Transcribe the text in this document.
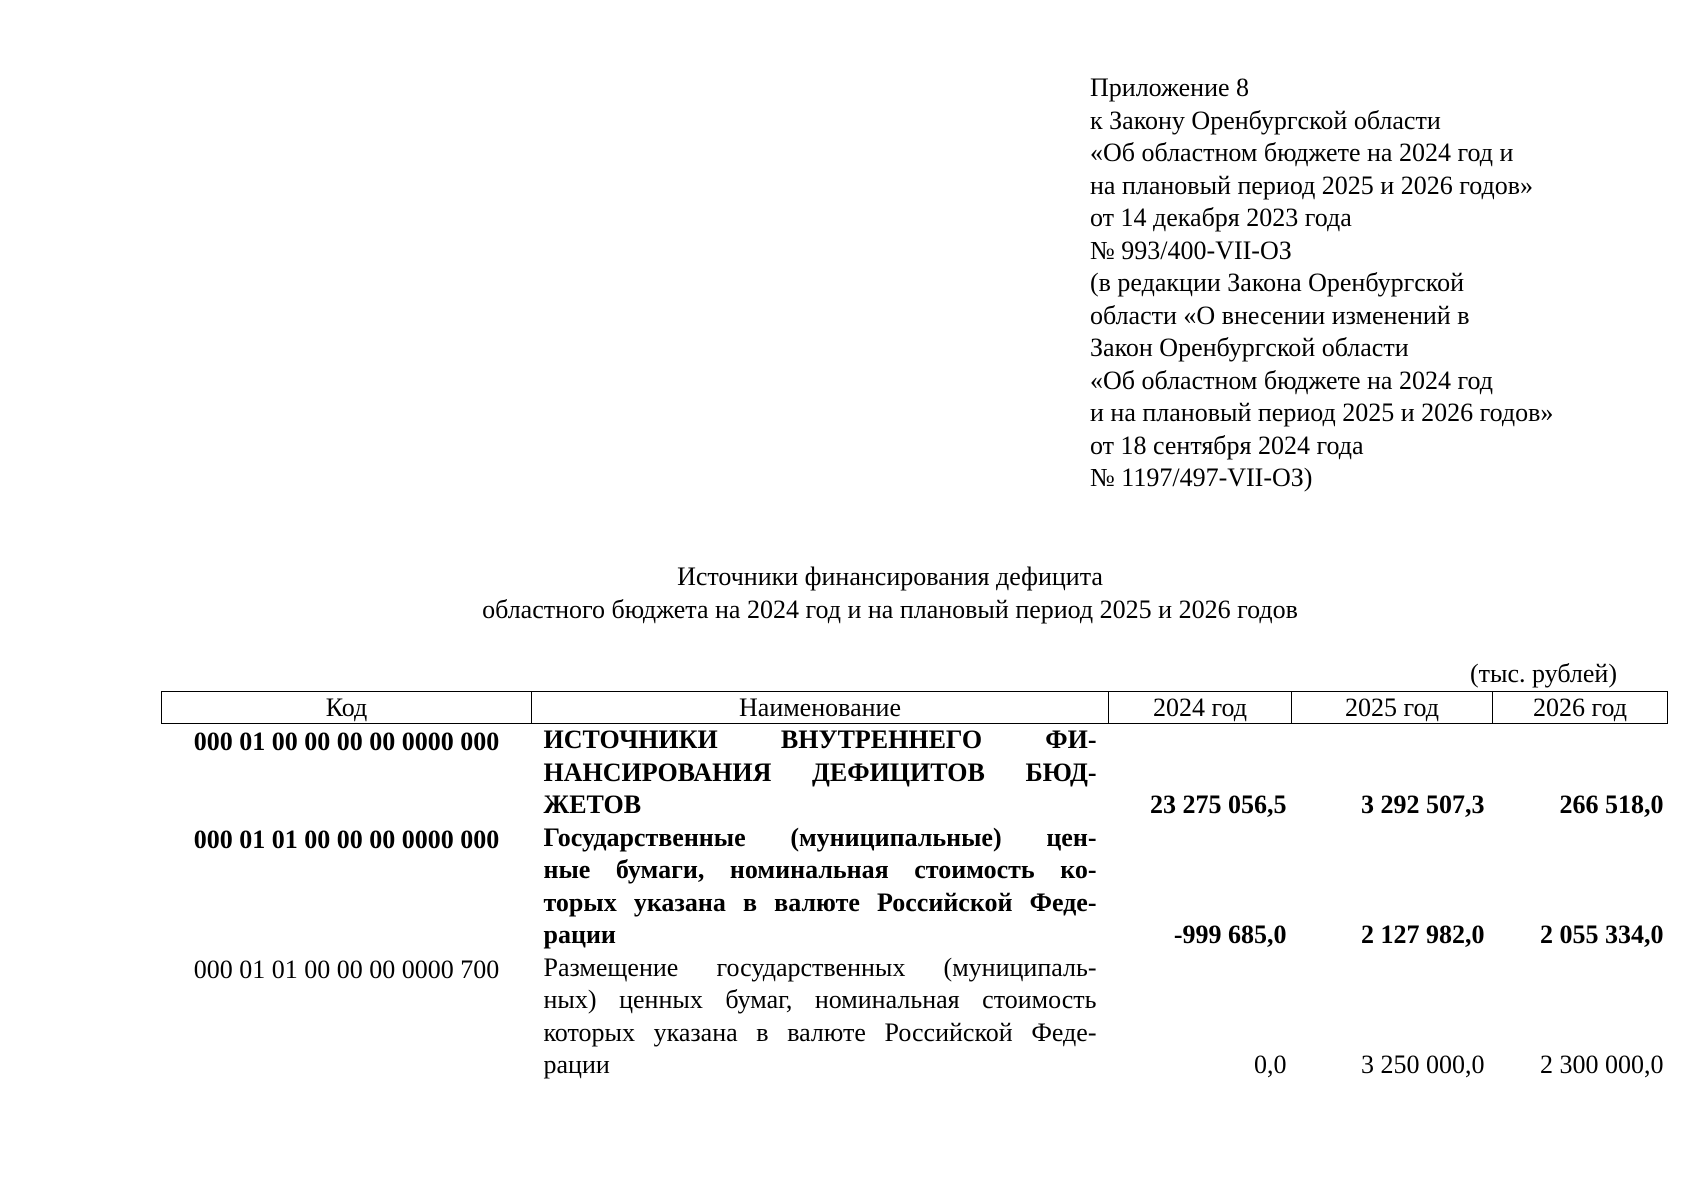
Приложение 8
к Закону Оренбургской области
«Об областном бюджете на 2024 год и
на плановый период 2025 и 2026 годов»
от 14 декабря 2023 года
№ 993/400-VII-ОЗ
(в редакции Закона Оренбургской
области «О внесении изменений в
Закон Оренбургской области
«Об областном бюджете на 2024 год
и на плановый период 2025 и 2026 годов»
от 18 сентября 2024 года
№ 1197/497-VII-ОЗ)
Источники финансирования дефицита
областного бюджета на 2024 год и на плановый период 2025 и 2026 годов
(тыс. рублей)
Код	Наименование	2024 год	2025 год	2026 год
000 01 00 00 00 00 0000 000	ИСТОЧНИКИ ВНУТРЕННЕГО ФИ-
НАНСИРОВАНИЯ ДЕФИЦИТОВ БЮД-
ЖЕТОВ	23 275 056,5	3 292 507,3	266 518,0
000 01 01 00 00 00 0000 000	Государственные (муниципальные) цен-
ные бумаги, номинальная стоимость ко-
торых указана в валюте Российской Феде-
рации	-999 685,0	2 127 982,0	2 055 334,0
000 01 01 00 00 00 0000 700	Размещение государственных (муниципаль-
ных) ценных бумаг, номинальная стоимость
которых указана в валюте Российской Феде-
рации	0,0	3 250 000,0	2 300 000,0
